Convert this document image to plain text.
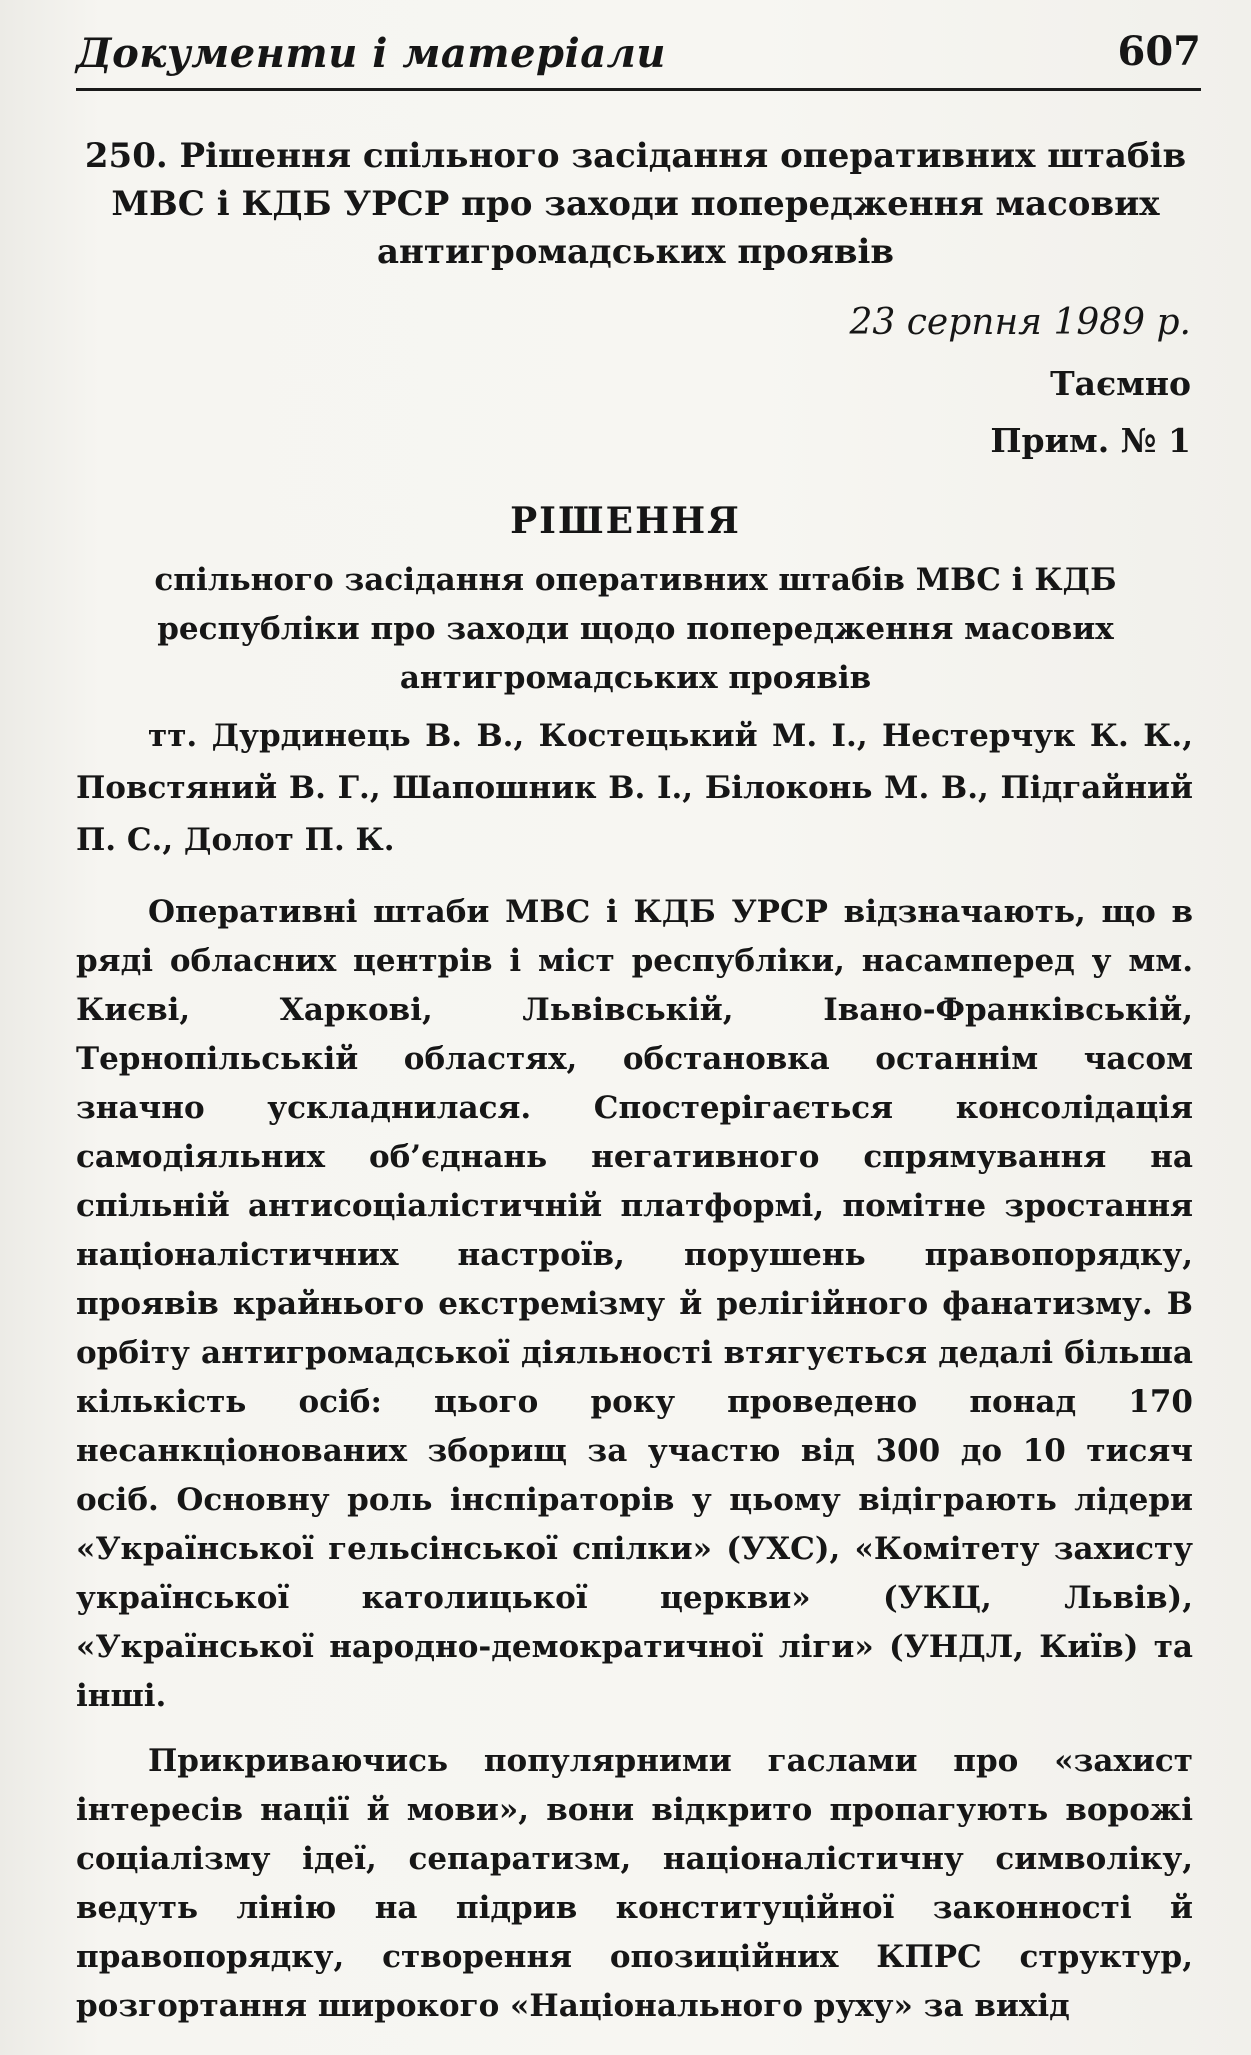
Документи і матеріали	607
250. Рішення спільного засідання оперативних штабів МВС і КДБ УРСР про заходи попередження масових антигромадських проявів
23 серпня 1989 р.
Таємно
Прим. № 1
РІШЕННЯ
спільного засідання оперативних штабів МВС і КДБ республіки про заходи щодо попередження масових антигромадських проявів
тт. Дурдинець В. В., Костецький М. І., Нестерчук К. К., Повстяний В. Г., Шапошник В. І., Білоконь М. В., Підгайний П. С., Долот П. К.
Оперативні штаби МВС і КДБ УРСР відзначають, що в ряді обласних центрів і міст республіки, насамперед у мм. Києві, Харкові, Львівській, Івано-Франківській, Тернопільській областях, обстановка останнім часом значно ускладнилася. Спостерігається консолідація самодіяльних об’єднань негативного спрямування на спільній антисоціалістичній платформі, помітне зростання націоналістичних настроїв, порушень правопорядку, проявів крайнього екстремізму й релігійного фанатизму. В орбіту антигромадської діяльності втягується дедалі більша кількість осіб: цього року проведено понад 170 несанкціонованих зборищ за участю від 300 до 10 тисяч осіб. Основну роль інспіраторів у цьому відіграють лідери «Української гельсінської спілки» (УХС), «Комітету захисту української католицької церкви» (УКЦ, Львів), «Української народно-демократичної ліги» (УНДЛ, Київ) та інші.
Прикриваючись популярними гаслами про «захист інтересів нації й мови», вони відкрито пропагують ворожі соціалізму ідеї, сепаратизм, націоналістичну символіку, ведуть лінію на підрив конституційної законності й правопорядку, створення опозиційних КПРС структур, розгортання широкого «Національного руху» за вихід
